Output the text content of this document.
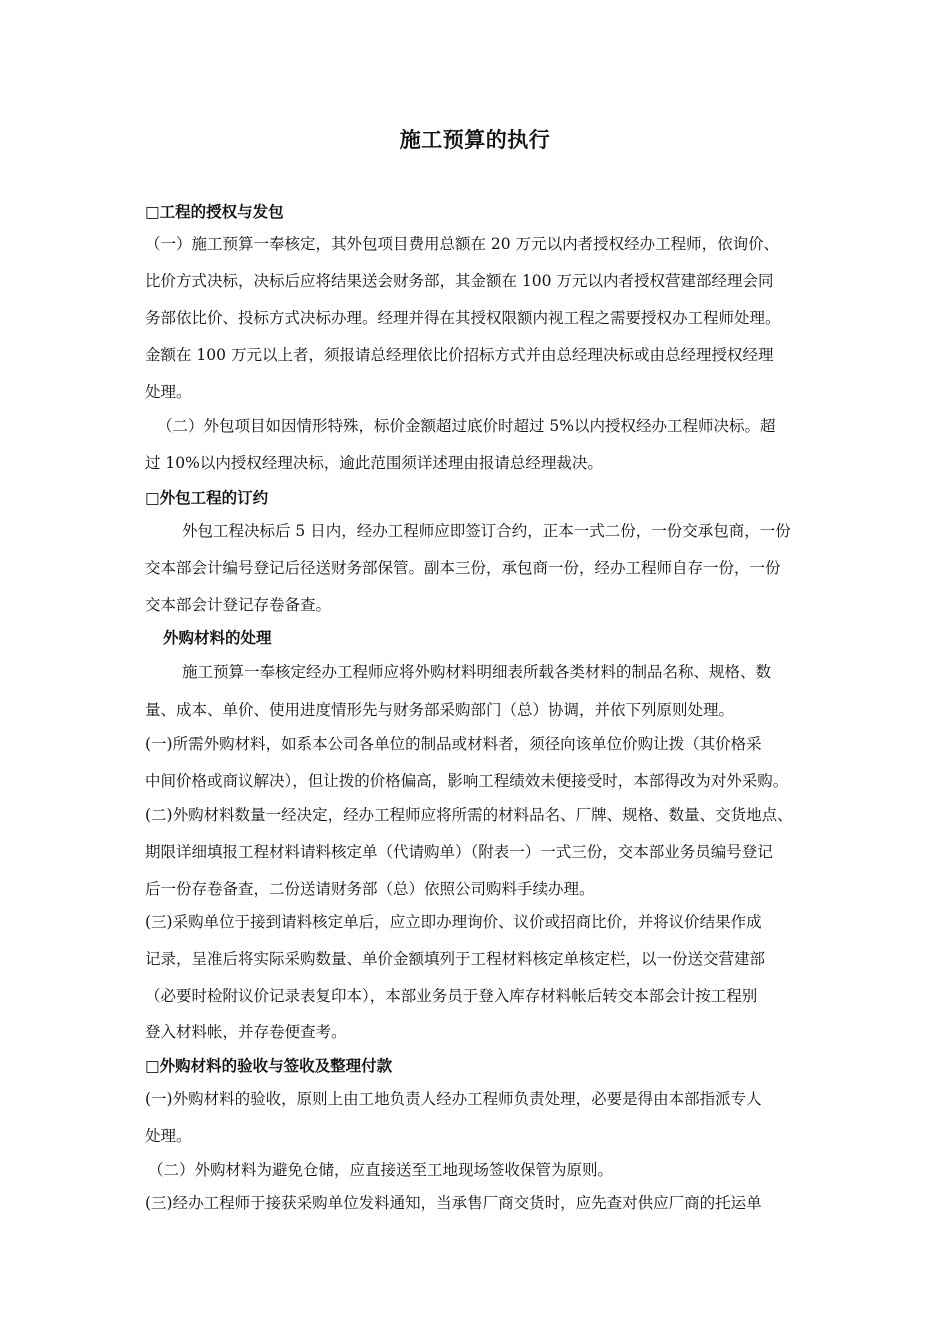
施工预算的执行
□工程的授权与发包
（一）施工预算一奉核定，其外包项目费用总额在 20 万元以内者授权经办工程师，依询价、
比价方式决标，决标后应将结果送会财务部，其金额在 100 万元以内者授权营建部经理会同
务部依比价、投标方式决标办理。经理并得在其授权限额内视工程之需要授权办工程师处理。
金额在 100 万元以上者，须报请总经理依比价招标方式并由总经理决标或由总经理授权经理
处理。
（二）外包项目如因情形特殊，标价金额超过底价时超过 5%以内授权经办工程师决标。超
过 10%以内授权经理决标，逾此范围须详述理由报请总经理裁决。
□外包工程的订约
外包工程决标后 5 日内，经办工程师应即签订合约，正本一式二份，一份交承包商，一份
交本部会计编号登记后径送财务部保管。副本三份，承包商一份，经办工程师自存一份，一份
交本部会计登记存卷备查。
外购材料的处理
施工预算一奉核定经办工程师应将外购材料明细表所载各类材料的制品名称、规格、数
量、成本、单价、使用进度情形先与财务部采购部门（总）协调，并依下列原则处理。
(一)所需外购材料，如系本公司各单位的制品或材料者，须径向该单位价购让拨（其价格采
中间价格或商议解决），但让拨的价格偏高，影响工程绩效未便接受时，本部得改为对外采购。
(二)外购材料数量一经决定，经办工程师应将所需的材料品名、厂牌、规格、数量、交货地点、
期限详细填报工程材料请料核定单（代请购单）（附表一）一式三份，交本部业务员编号登记
后一份存卷备查，二份送请财务部（总）依照公司购料手续办理。
(三)采购单位于接到请料核定单后，应立即办理询价、议价或招商比价，并将议价结果作成
记录，呈准后将实际采购数量、单价金额填列于工程材料核定单核定栏，以一份送交营建部
（必要时检附议价记录表复印本），本部业务员于登入库存材料帐后转交本部会计按工程别
登入材料帐，并存卷便查考。
□外购材料的验收与签收及整理付款
(一)外购材料的验收，原则上由工地负责人经办工程师负责处理，必要是得由本部指派专人
处理。
（二）外购材料为避免仓储，应直接送至工地现场签收保管为原则。
(三)经办工程师于接获采购单位发料通知，当承售厂商交货时，应先查对供应厂商的托运单
